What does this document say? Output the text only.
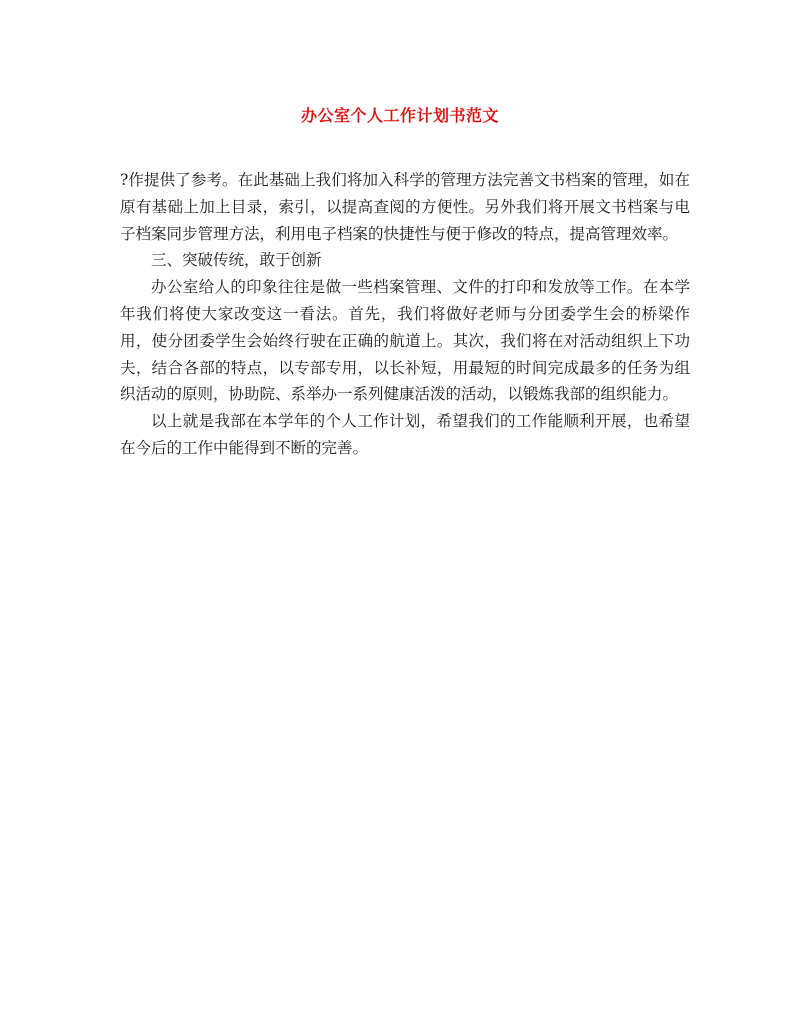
办公室个人工作计划书范文

?作提供了参考。在此基础上我们将加入科学的管理方法完善文书档案的管理，如在原有基础上加上目录，索引，以提高查阅的方便性。另外我们将开展文书档案与电子档案同步管理方法，利用电子档案的快捷性与便于修改的特点，提高管理效率。

三、突破传统，敢于创新

办公室给人的印象往往是做一些档案管理、文件的打印和发放等工作。在本学年我们将使大家改变这一看法。首先，我们将做好老师与分团委学生会的桥梁作用，使分团委学生会始终行驶在正确的航道上。其次，我们将在对活动组织上下功夫，结合各部的特点，以专部专用，以长补短，用最短的时间完成最多的任务为组织活动的原则，协助院、系举办一系列健康活泼的活动，以锻炼我部的组织能力。

以上就是我部在本学年的个人工作计划，希望我们的工作能顺利开展，也希望在今后的工作中能得到不断的完善。
